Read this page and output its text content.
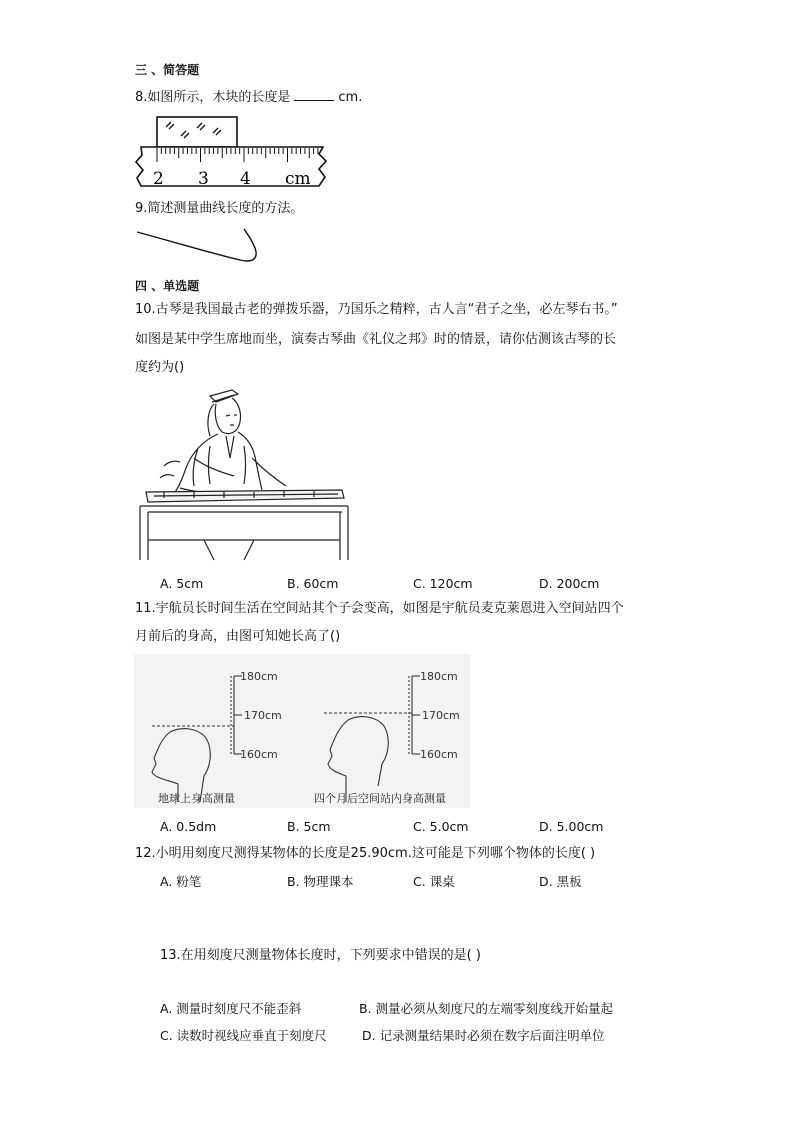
三 、简答题
8.如图所示，木块的长度是	cm.
2 3 4 cm
9.简述测量曲线长度的方法。
四 、单选题
10.古琴是我国最古老的弹拨乐器，乃国乐之精粹，古人言“君子之坐，必左琴右书。”
如图是某中学生席地而坐，演奏古琴曲《礼仪之邦》时的情景，请你估测该古琴的长
度约为()
A. 5cm	B. 60cm	C. 120cm	D. 200cm
11.宇航员长时间生活在空间站其个子会变高，如图是宇航员麦克莱恩进入空间站四个
月前后的身高，由图可知她长高了()
180cm
170cm
160cm
180cm
170cm
160cm
地球上身高测量	四个月后空间站内身高测量
A. 0.5dm	B. 5cm	C. 5.0cm	D. 5.00cm
12.小明用刻度尺测得某物体的长度是25.90cm.这可能是下列哪个物体的长度( )
A. 粉笔	B. 物理课本	C. 课桌	D. 黑板
13.在用刻度尺测量物体长度时，下列要求中错误的是( )
A. 测量时刻度尺不能歪斜	B. 测量必须从刻度尺的左端零刻度线开始量起
C. 读数时视线应垂直于刻度尺	D. 记录测量结果时必须在数字后面注明单位
